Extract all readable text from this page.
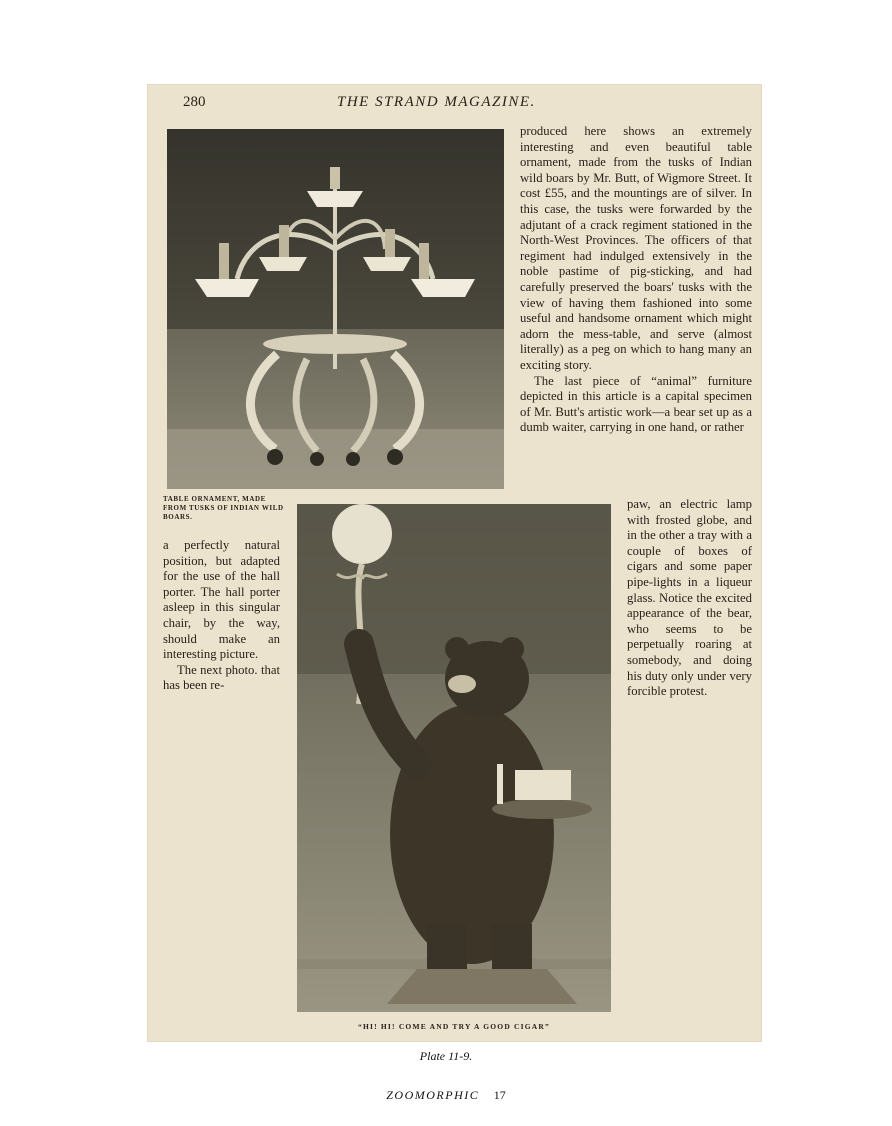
280	THE STRAND MAGAZINE.
TABLE ORNAMENT, MADE FROM TUSKS OF INDIAN WILD BOARS.
“HI! HI! COME AND TRY A GOOD CIGAR”

produced here shows an extremely interesting and even beautiful table ornament, made from the tusks of Indian wild boars by Mr. Butt, of Wigmore Street. It cost £55, and the mountings are of silver. In this case, the tusks were forwarded by the adjutant of a crack regiment stationed in the North-West Provinces. The officers of that regiment had indulged extensively in the noble pastime of pig-sticking, and had carefully preserved the boars' tusks with the view of having them fashioned into some useful and handsome ornament which might adorn the mess-table, and serve (almost literally) as a peg on which to hang many an exciting story.

The last piece of “animal” furniture depicted in this article is a capital specimen of Mr. Butt's artistic work—a bear set up as a dumb waiter, carrying in one hand, or rather

paw, an electric lamp with frosted globe, and in the other a tray with a couple of boxes of cigars and some paper pipe-lights in a liqueur glass. Notice the excited appearance of the bear, who seems to be perpetually roaring at somebody, and doing his duty only under very forcible protest.

a perfectly natural position, but adapted for the use of the hall porter. The hall porter asleep in this singular chair, by the way, should make an interesting picture.

The next photo. that has been re-

Plate 11-9.
ZOOMORPHIC 17
